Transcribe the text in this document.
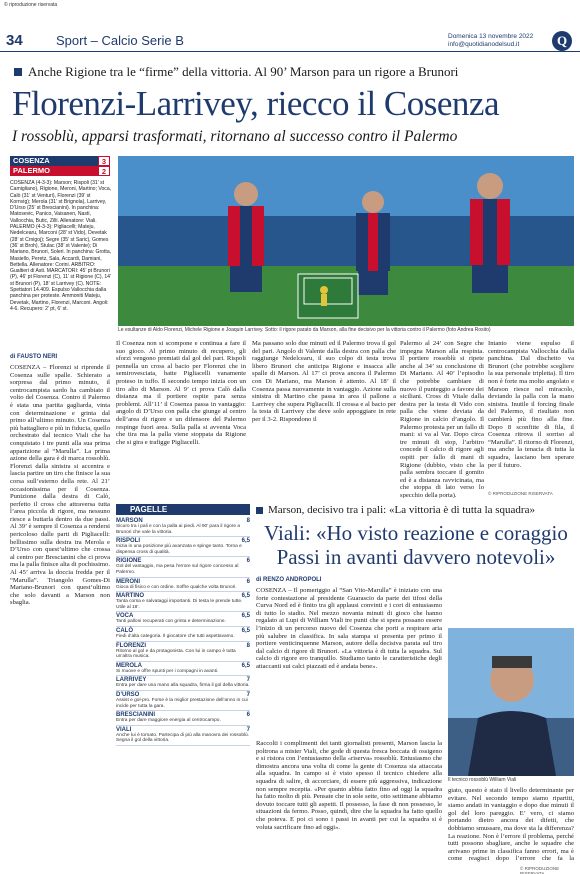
© riproduzione riservata
34	Sport – Calcio Serie B	Domenica 13 novembre 2022
info@quotidianodelsud.it	Q
Anche Rigione tra le “firme” della vittoria. Al 90’ Marson para un rigore a Brunori
Florenzi-Larrivey, riecco il Cosenza
I rossoblù, apparsi trasformati, ritornano al successo contro il Palermo
COSENZA	3
PALERMO	2
COSENZA (4-3-3): Marson; Rispoli (31’ st Camigliano), Rigione, Meroni, Martino; Voca, Calò (31’ st Venturi), Florenzi (39’ st Kornvig); Merola (31’ st Brignola), Larrivey, D’Urso (25’ st Brescianini). In panchina: Matosevic, Panico, Vaisanen, Nasti, Vallocchia, Butic, Zilli. Allenatore: Viali. PALERMO (4-3-3): Pigliacelli; Mateju, Nedelcearu, Marconi (28’ st Vido), Devetak (28’ st Crnigoj); Segre (35’ st Saric), Gomes (36’ st Broh), Stulac (38’ st Valente); Di Mariano, Brunori, Soleri. In panchina: Grotta, Masiello, Peretz, Sala, Accardi, Damiani, Bettella. Allenatore: Corini. ARBITRO: Gualtieri di Asti. MARCATORI: 45’ pt Brunori (P), 46’ pt Florenzi (C), 11’ st Rigione (C), 14’ st Brunori (P), 18’ st Larrivey (C). NOTE: Spettatori 14.409. Espulso Vallocchia dalla panchina per proteste. Ammoniti Mateju, Devetak, Martino, Florenzi, Marconi. Angoli: 4-6. Recupero: 2’ pt, 6’ st.
Le esultanze di Aldo Florenzi, Michele Rigione e Joaquin Larrivey. Sotto: il rigore parato da Marson, alla fine decisivo per la vittoria contro il Palermo (foto Andrea Rosito)
di FAUSTO NERI
COSENZA – Florenzi si riprende il Cosenza sulle spalle. Schierato a sorpresa dal primo minuto, il centrocampista sardo ha cambiato il volto del Cosenza. Contro il Palermo è stata una partita gagliarda, vinta con determinazione e grinta dal primo all’ultimo minuto. Un Cosenza più battagliero e più in fiducia, quello orchestrato dal tecnico Viali che ha conquistato i tre punti alla sua prima apparizione al “Marulla”. La prima azione della gara è di marca rossoblù. Florenzi dalla sinistra si accentra e lascia partire un tiro che finisce la sua corsa sull’esterno della rete. Al 21’ occasionissima per il Cosenza. Punizione dalla destra di Calò, perfetto il cross che attraversa tutta l’area piccola di rigore, ma nessuno riesce a buttarla dentro da due passi. Al 39’ è sempre il Cosenza a rendersi pericoloso dalle parti di Pigliacelli: bellissimo sulla destra tra Merola e D’Urso con quest’ultimo che crossa al centro per Brescianini che ci prova ma la palla finisce alta di pochissimo. Al 45’ arriva la doccia fredda per il “Marulla”. Triangolo Gomes-Di Mariano-Brunori con quest’ultimo che solo davanti a Marson non sbaglia.
Il Cosenza non si scompone e continua a fare il suo gioco. Al primo minuto di recupero, gli sforzi vengono premiati dal gol del pari. Rispoli pennella un cross al bacio per Florenzi che in semirovesciata, batte Pigliacelli vanamente proteso in tuffo. Il secondo tempo inizia con un tiro alto di Marson. Al 9’ ci prova Calò dalla distanza ma il portiere ospite para senza problemi. All’11’ il Cosenza passa in vantaggio: angolo di D’Urso con palla che giunge al centro dell’area di rigore e un difensore del Palermo respinge fuori area. Sulla palla si avventa Voca che tira ma la palla viene stoppata da Rigione che si gira e trafigge Pigliacelli.
Ma passano solo due minuti ed il Palermo trova il gol del pari. Angolo di Valente dalla destra con palla che raggiunge Nedelcearu, il suo colpo di testa trova libero Brunori che anticipa Rigione e insacca alle spalle di Marson. Al 17’ ci prova ancora il Palermo con Di Mariano, ma Marson è attento. Al 18’ il Cosenza passa nuovamente in vantaggio. Azione sulla sinistra di Martino che passa in area il pallone a Larrivey che supera Pigliacelli. Il crossa e al bacio per la testa di Larrivey che deve solo appoggiare in rete per il 3-2. Rispondono il
Palermo al 24’ con Segre che impegna Marson alla respinta. Il portiere rossoblù si ripete anche al 34’ su conclusione di Di Mariano. Al 40’ l’episodio che potrebbe cambiare di nuovo il punteggio a favore dei siciliani. Cross di Vitale dalla destra per la testa di Vido con palla che viene deviata da Rigione in calcio d’angolo. Il Palermo protesta per un fallo di mani: si va al Var. Dopo circa tre minuti di stop, l’arbitro concede il calcio di rigore agli ospiti per fallo di mani di Rigione (dubbio, visto che la palla sembra toccare il gomito ed è a distanza ravvicinata, ma che stoppa di lato verso lo specchio della porta).
Intanto viene espulso il centrocampista Vallocchia dalla panchina. Dal dischetto va Brunori (che potrebbe scegliere la sua personale tripletta). Il tiro non è forte ma molto angolato e Marson riesce nel miracolo, deviando la palla con la mano sinistra. Inutile il forcing finale del Palermo, il risultato non cambierà più fino alla fine. Dopo 8 sconfitte di fila, il Cosenza ritrova il sorriso al “Marulla”. Il ritorno di Florenzi, ma anche la tenacia di tutta la squadra, lasciano ben sperare per il futuro.
© RIPRODUZIONE RISERVATA
PAGELLE
MARSON	8
Sicuro tra i pali e con la palla ai piedi. Al 90’ para il rigore a Brunori che vale la vittoria.
RISPOLI	6,5
Inizia in una posizione più avanzata e spinge tanto. Torna e dispensa cross di qualità.
RIGIONE	6
Gol del vantaggio, ma pesa l’errore sul rigore concesso al Palermo.
MERONI	6
Gioca di fisico e con ordine. Soffre qualche volta Brunori.
MARTINO	6,5
Tanta corsa e salvataggi importanti. Di testa le prende tutte. Utile al 18’.
VOCA	6,5
Tanti palloni recuperati con grinta e determinazione.
CALÒ	6,5
Fiedi d’alta categoria. Il giocatore che tutti aspettavamo.
FLORENZI	8
Ritorno al gol e da protagonista. Con lui in campo è tutta un’altra musica.
MEROLA	6,5
Si muove e offre spunti per i compagni in avanti.
LARRIVEY	7
Entra per dare una mano alla squadra, firma il gol della vittoria.
D’URSO	7
Assist e gol-pro. Forse è la miglior prestazione dell’anno in cui incide per tutta la gara.
BRESCIANINI	6
Entra per dare maggiore energia al centrocampo.
VIALI	7
Anche lui è tornato. Partecipa di più alla manovra dei rossoblù. Segna il gol della vittoria.
Marson, decisivo tra i pali: «La vittoria è di tutta la squadra»
Viali: «Ho visto reazione e coraggio Passi in avanti davvero notevoli»
di RENZO ANDROPOLI
COSENZA – Il pomeriggio al “San Vito-Marulla” è iniziato con una forte contestazione al presidente Guarascio da parte dei tifosi della Curva Nord ed è finito tra gli applausi convinti e i cori di entusiasmo di tutto lo stadio. Nel mezzo novanta minuti di gioco che hanno regalato ai Lupi di William Viali tre punti che si spera possano essere l’inizio di un percorso nuovo del Cosenza che porti a respirare aria più salubre in classifica. In sala stampa si presenta per primo il portiere venticinquenne Marson, autore della decisiva parata sul tiro dal calcio di rigore di Brunori. «La vittoria è di tutta la squadra. Sul calcio di rigore ero tranquillo. Studiamo tanto le caratteristiche degli attaccanti sui calci piazzati ed è andata bene».
Raccolti i complimenti dei tanti giornalisti presenti, Marson lascia la poltrona a mister Viali, che gode di questa fresca boccata di ossigeno e si ristora con l’entusiasmo della «riserva» rossoblù. Entusiasmo che dimostra ancora una volta di come la gente di Cosenza sia attaccata alla squadra. In campo si è visto spesso il tecnico chiedere alla squadra di salire, di accorciare, di essere più aggressiva, indicazione non sempre recepita. «Per quanto abbia fatto fino ad oggi la squadra ha fatto molto di più. Pensate che in sole sette, otto settimane abbiamo dovuto toccare tutti gli aspetti. Il possesso, la fase di non possesso, le situazioni da fermo. Posso, quindi, dire che la squadra ha fatto quello che poteva. E poi ci sono i passi in avanti per cui la squadra si è voluta sacrificare fino ad oggi».
Il tecnico rossoblù William Viali
giato, questo è stato il livello determinante per evitare. Nel secondo tempo siamo ripartiti, siamo andati in vantaggio e dopo due minuti il gol del loro pareggio. E’ vero, ci siamo portando dietro ancora dei difetti, che dobbiamo smussare, ma dove sta la differenza? La reazione. Non è l’errore il problema, perché tutti possono sbagliare, anche le squadre che arrivano prime in classifica fanno errori, ma è come reagisci dopo l’errore che fa la
© RIPRODUZIONE RISERVATA
